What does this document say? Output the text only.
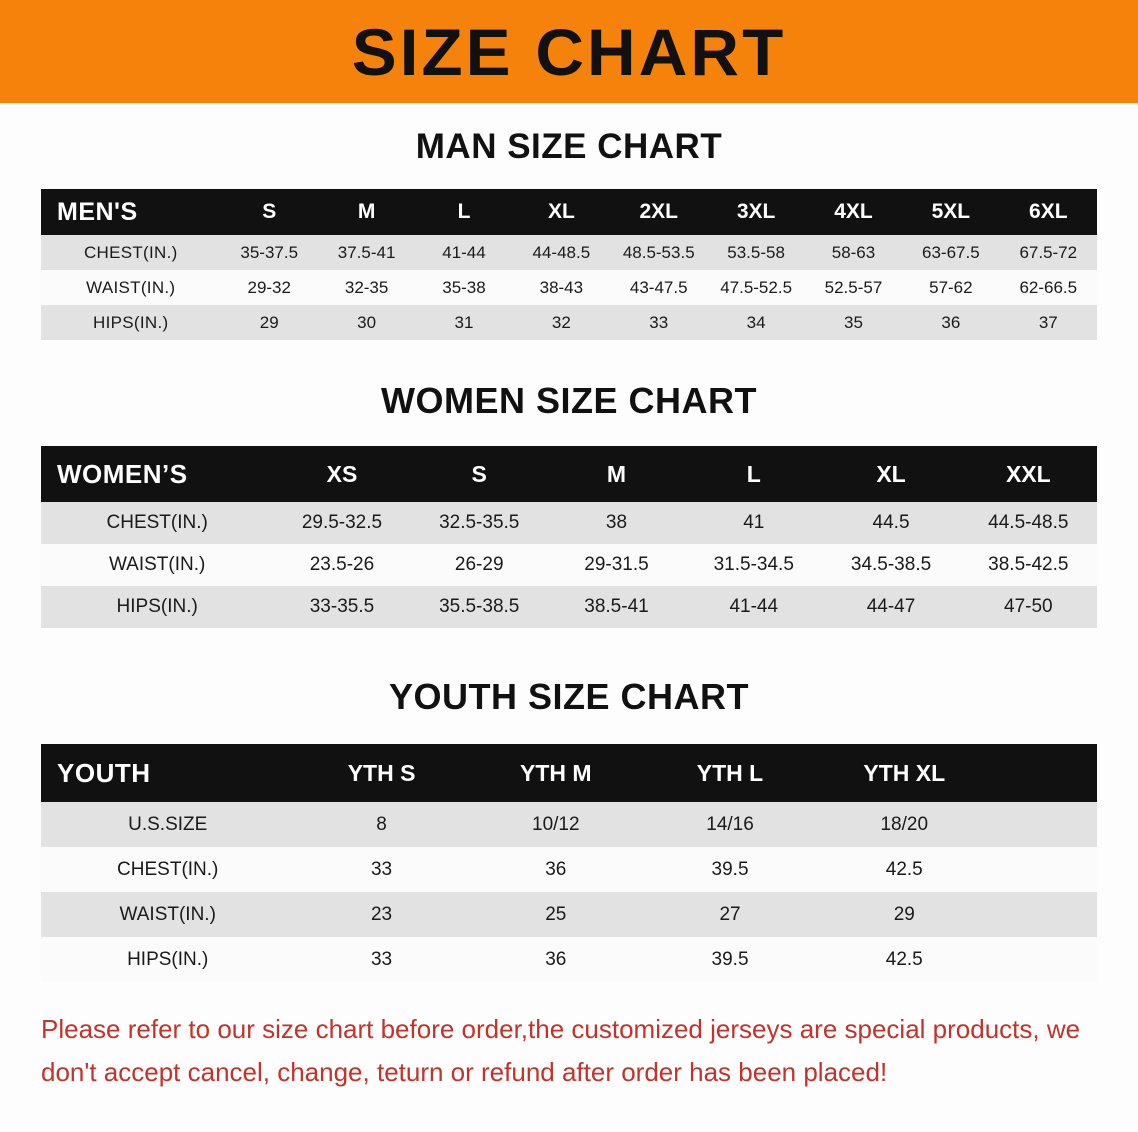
SIZE CHART
MAN SIZE CHART
MEN'S	S	M	L	XL	2XL	3XL	4XL	5XL	6XL
CHEST(IN.)	35-37.5	37.5-41	41-44	44-48.5	48.5-53.5	53.5-58	58-63	63-67.5	67.5-72
WAIST(IN.)	29-32	32-35	35-38	38-43	43-47.5	47.5-52.5	52.5-57	57-62	62-66.5
HIPS(IN.)	29	30	31	32	33	34	35	36	37
WOMEN SIZE CHART
WOMEN’S	XS	S	M	L	XL	XXL
CHEST(IN.)	29.5-32.5	32.5-35.5	38	41	44.5	44.5-48.5
WAIST(IN.)	23.5-26	26-29	29-31.5	31.5-34.5	34.5-38.5	38.5-42.5
HIPS(IN.)	33-35.5	35.5-38.5	38.5-41	41-44	44-47	47-50
YOUTH SIZE CHART
YOUTH	YTH S	YTH M	YTH L	YTH XL	
U.S.SIZE	8	10/12	14/16	18/20	
CHEST(IN.)	33	36	39.5	42.5	
WAIST(IN.)	23	25	27	29	
HIPS(IN.)	33	36	39.5	42.5	
Please refer to our size chart before order,the customized jerseys are special products, we don't accept cancel, change, teturn or refund after order has been placed!
